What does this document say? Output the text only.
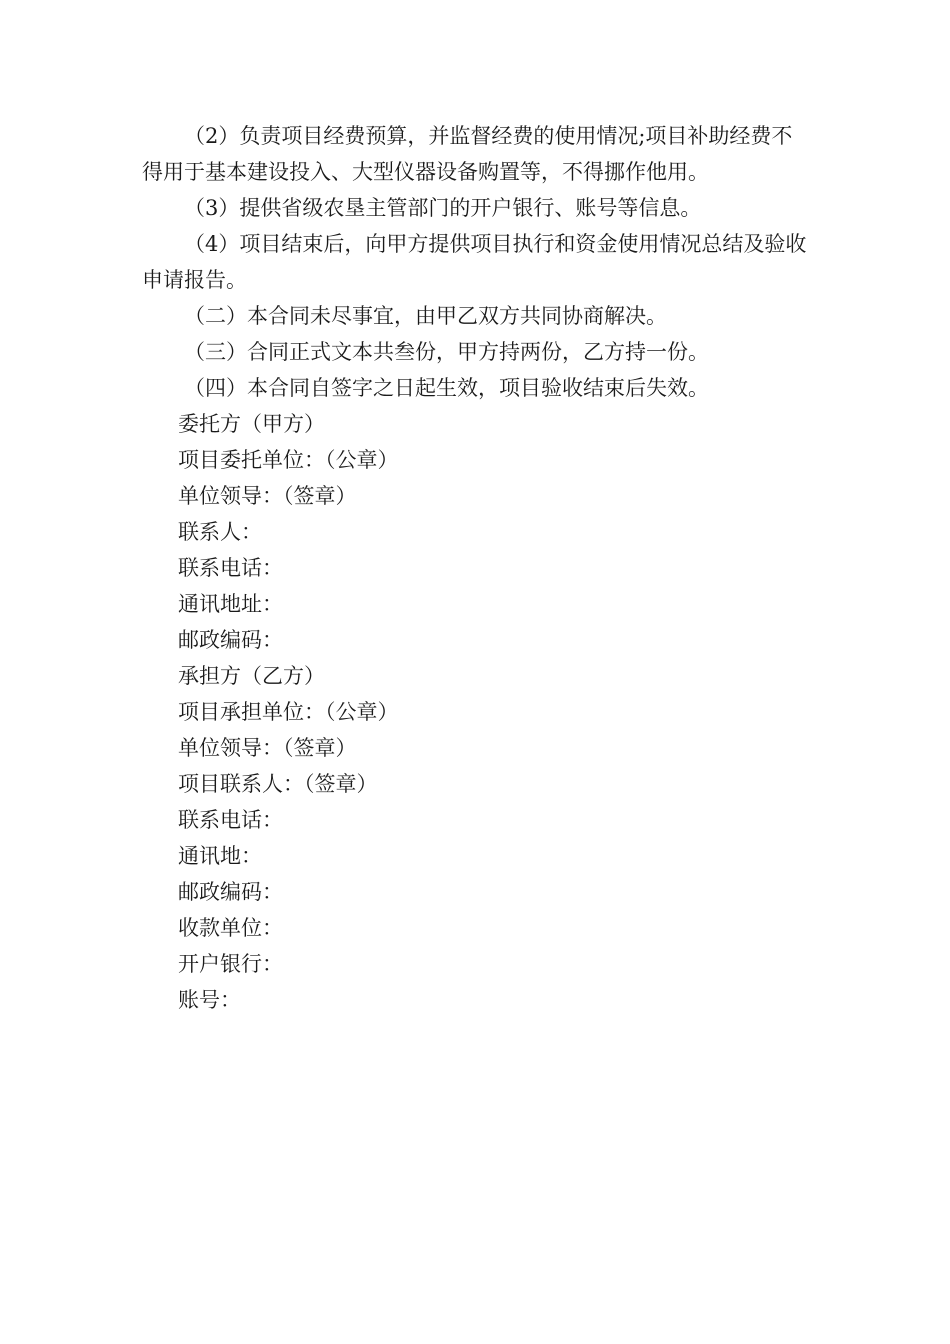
（2）负责项目经费预算，并监督经费的使用情况;项目补助经费不得用于基本建设投入、大型仪器设备购置等，不得挪作他用。

（3）提供省级农垦主管部门的开户银行、账号等信息。

（4）项目结束后，向甲方提供项目执行和资金使用情况总结及验收申请报告。

（二）本合同未尽事宜，由甲乙双方共同协商解决。

（三）合同正式文本共叁份，甲方持两份，乙方持一份。

（四）本合同自签字之日起生效，项目验收结束后失效。

委托方（甲方）

项目委托单位：（公章）

单位领导：（签章）

联系人：

联系电话：

通讯地址：

邮政编码：

承担方（乙方）

项目承担单位：（公章）

单位领导：（签章）

项目联系人：（签章）

联系电话：

通讯地：

邮政编码：

收款单位：

开户银行：

账号：
